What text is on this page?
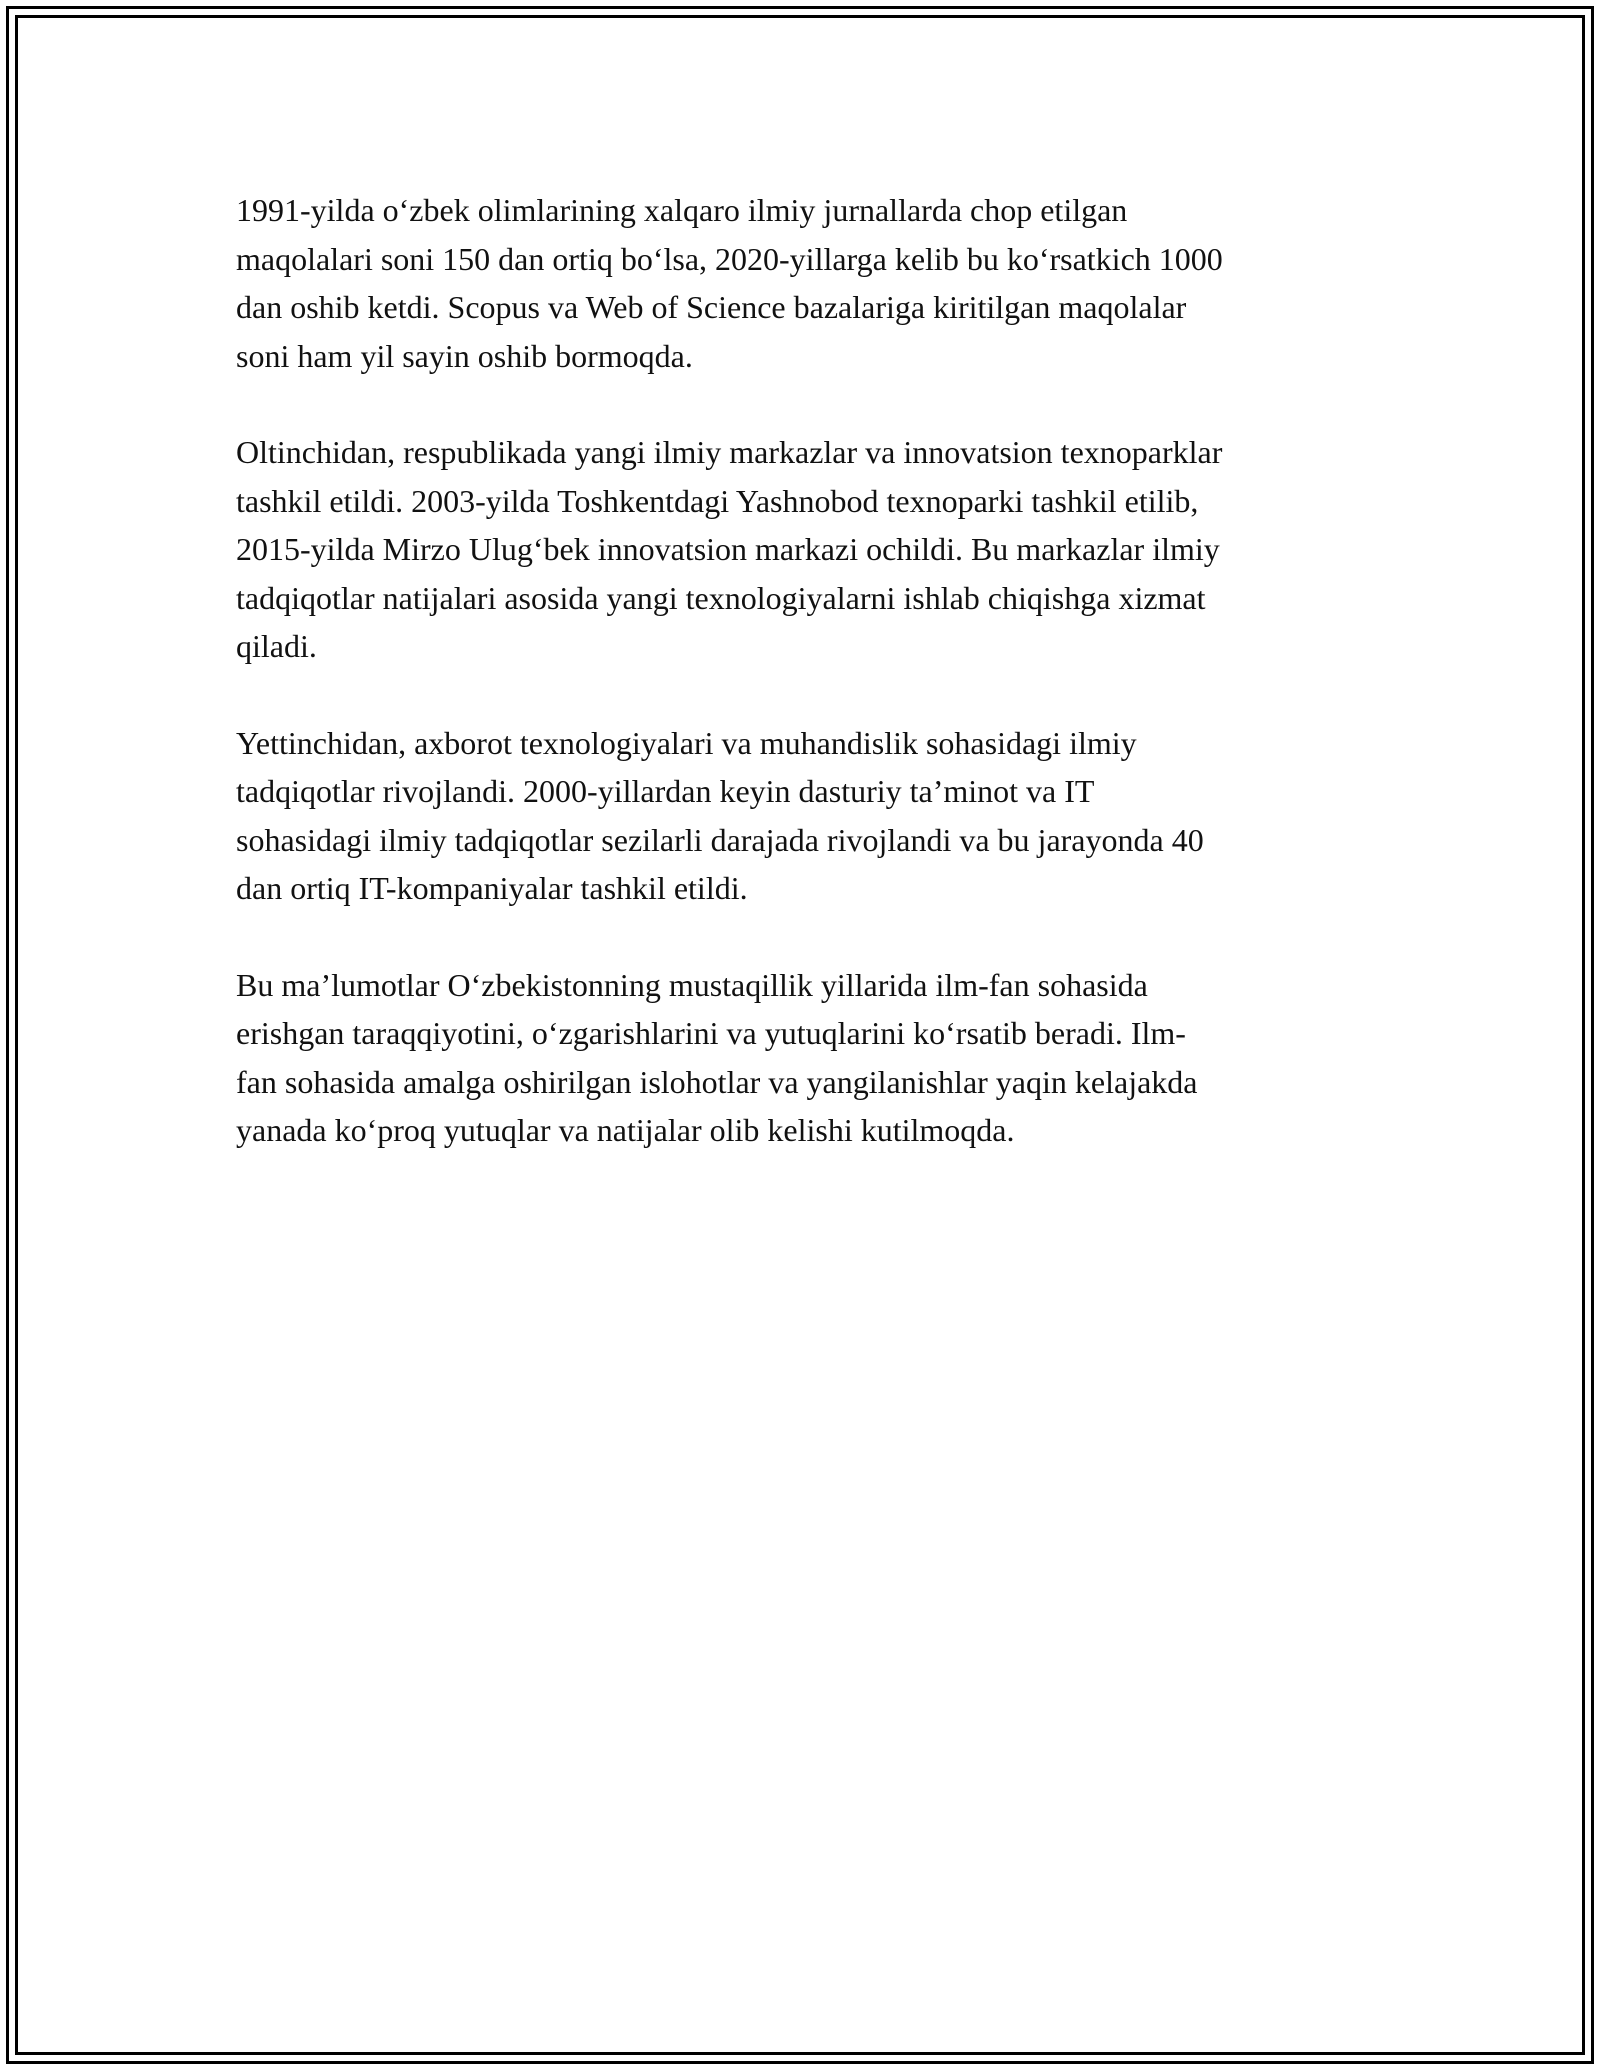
1991-yilda o‘zbek olimlarining xalqaro ilmiy jurnallarda chop etilgan
maqolalari soni 150 dan ortiq bo‘lsa, 2020-yillarga kelib bu ko‘rsatkich 1000
dan oshib ketdi. Scopus va Web of Science bazalariga kiritilgan maqolalar
soni ham yil sayin oshib bormoqda.

Oltinchidan, respublikada yangi ilmiy markazlar va innovatsion texnoparklar
tashkil etildi. 2003-yilda Toshkentdagi Yashnobod texnoparki tashkil etilib,
2015-yilda Mirzo Ulug‘bek innovatsion markazi ochildi. Bu markazlar ilmiy
tadqiqotlar natijalari asosida yangi texnologiyalarni ishlab chiqishga xizmat
qiladi.

Yettinchidan, axborot texnologiyalari va muhandislik sohasidagi ilmiy
tadqiqotlar rivojlandi. 2000-yillardan keyin dasturiy ta’minot va IT
sohasidagi ilmiy tadqiqotlar sezilarli darajada rivojlandi va bu jarayonda 40
dan ortiq IT-kompaniyalar tashkil etildi.

Bu ma’lumotlar O‘zbekistonning mustaqillik yillarida ilm-fan sohasida
erishgan taraqqiyotini, o‘zgarishlarini va yutuqlarini ko‘rsatib beradi. Ilm-
fan sohasida amalga oshirilgan islohotlar va yangilanishlar yaqin kelajakda
yanada ko‘proq yutuqlar va natijalar olib kelishi kutilmoqda.
